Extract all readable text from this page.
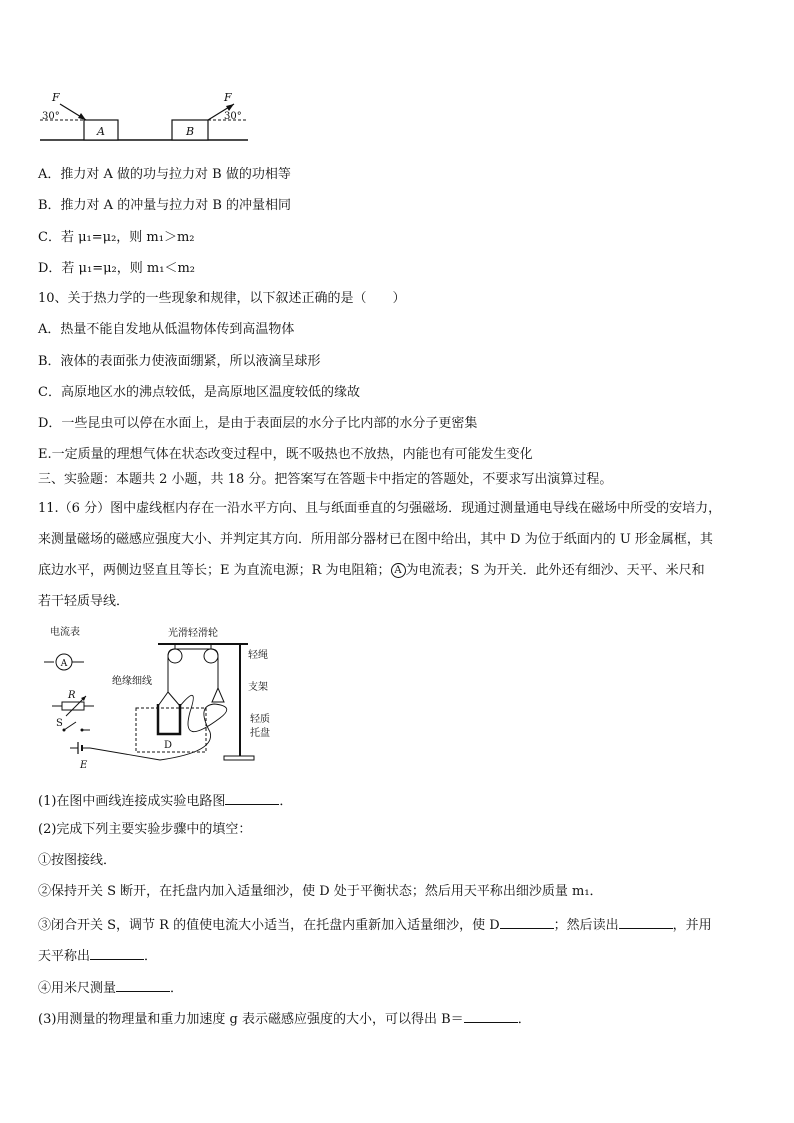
A
F
30°
B
F
30°
A．推力对 A 做的功与拉力对 B 做的功相等
B．推力对 A 的冲量与拉力对 B 的冲量相同
C．若 μ₁=μ₂，则 m₁＞m₂
D．若 μ₁=μ₂，则 m₁＜m₂
10、关于热力学的一些现象和规律，以下叙述正确的是（　　）
A．热量不能自发地从低温物体传到高温物体
B．液体的表面张力使液面绷紧，所以液滴呈球形
C．高原地区水的沸点较低，是高原地区温度较低的缘故
D．一些昆虫可以停在水面上，是由于表面层的水分子比内部的水分子更密集
E.一定质量的理想气体在状态改变过程中，既不吸热也不放热，内能也有可能发生变化
三、实验题：本题共 2 小题，共 18 分。把答案写在答题卡中指定的答题处，不要求写出演算过程。
11.（6 分）图中虚线框内存在一沿水平方向、且与纸面垂直的匀强磁场．现通过测量通电导线在磁场中所受的安培力，
来测量磁场的磁感应强度大小、并判定其方向．所用部分器材已在图中给出，其中 D 为位于纸面内的 U 形金属框，其
底边水平，两侧边竖直且等长；E 为直流电源；R 为电阻箱； A 为电流表；S 为开关．此外还有细沙、天平、米尺和
若干轻质导线．
电流表
A
R
S
E
光滑轻滑轮
轻绳
支架
轻质
托盘
绝缘细线
D
(1)在图中画线连接成实验电路图	．
(2)完成下列主要实验步骤中的填空：
①按图接线．
②保持开关 S 断开，在托盘内加入适量细沙，使 D 处于平衡状态；然后用天平称出细沙质量 m₁．
③闭合开关 S，调节 R 的值使电流大小适当，在托盘内重新加入适量细沙，使 D	；然后读出	，并用
天平称出	．
④用米尺测量	．
(3)用测量的物理量和重力加速度 g 表示磁感应强度的大小，可以得出 B＝	．
